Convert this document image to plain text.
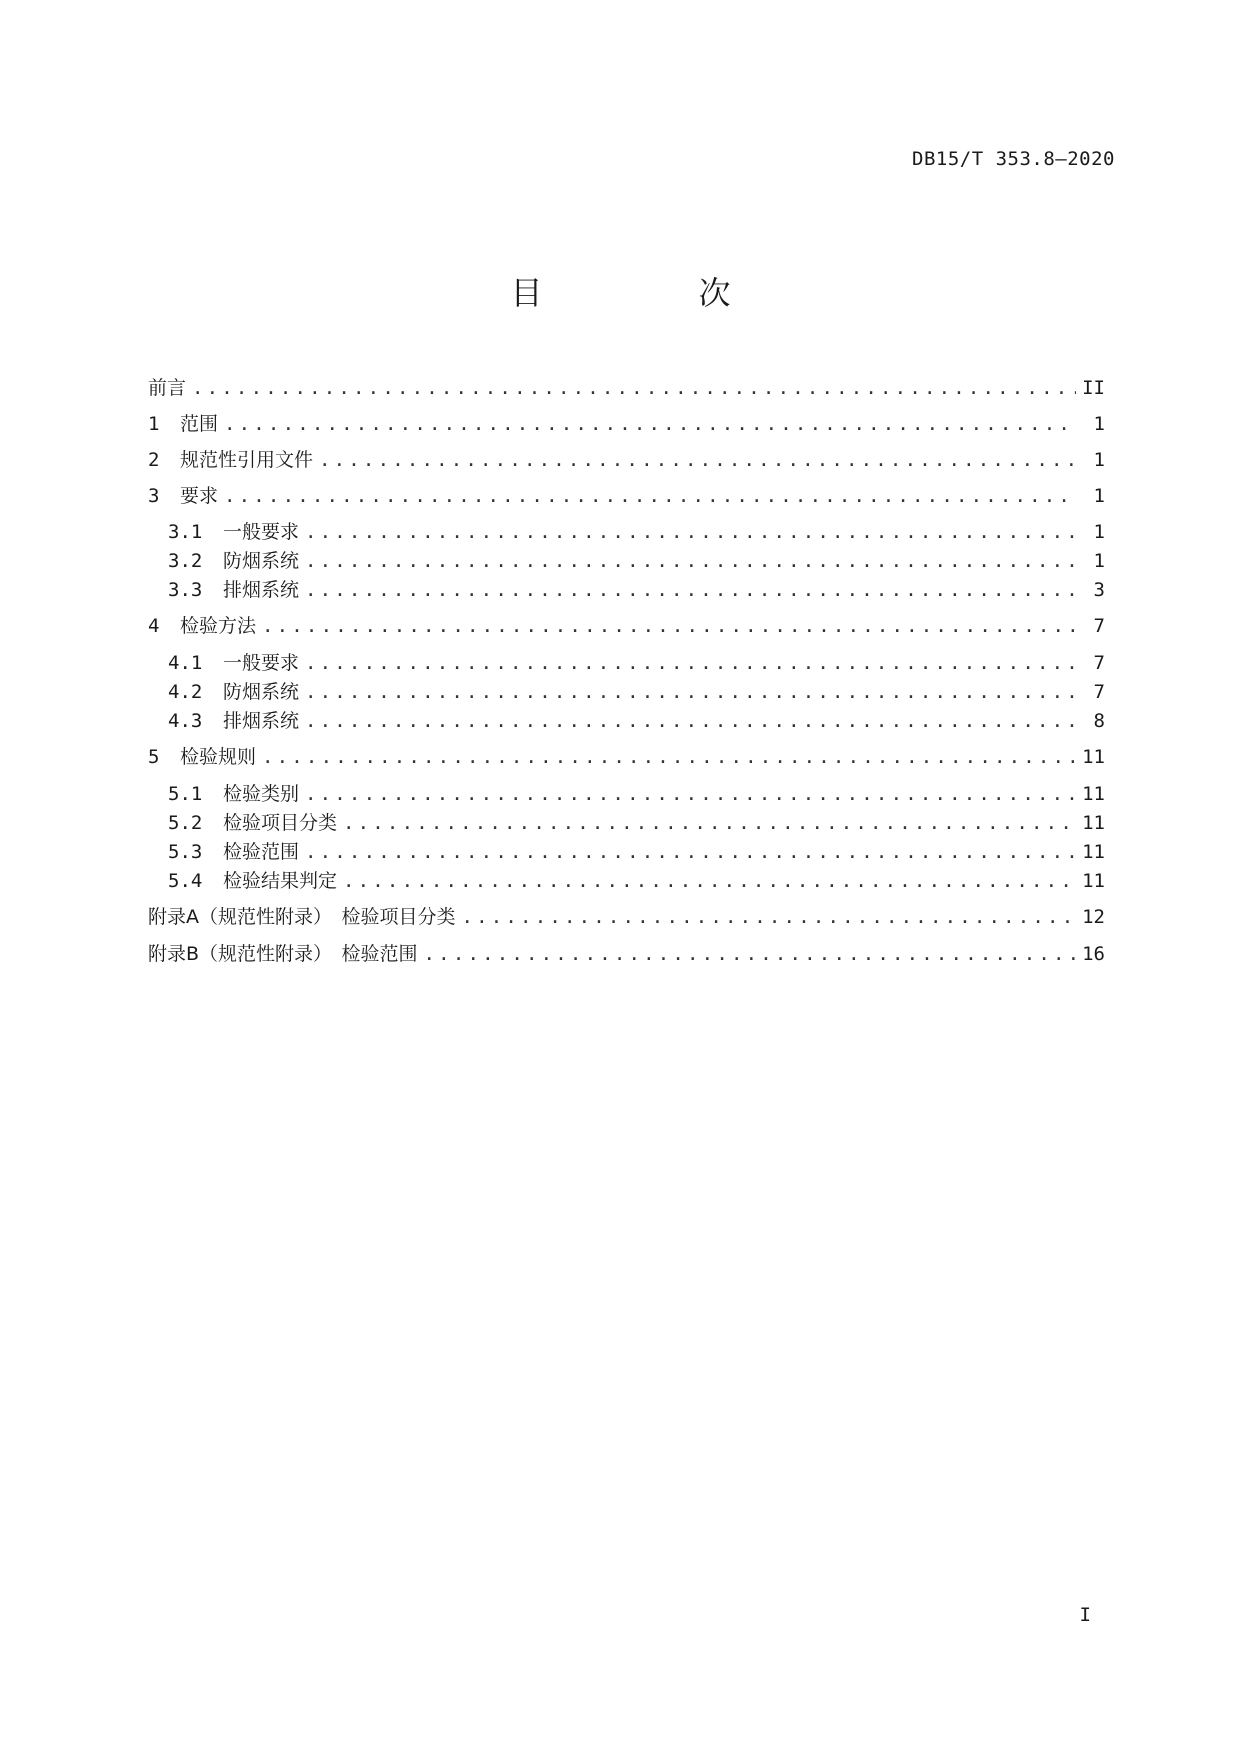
DB15/T 353.8—2020
目　次
前言 .....	II
1	范围 .....	1
2	规范性引用文件 .....	1
3	要求 .....	1
3.1	一般要求 .....	1
3.2	防烟系统 .....	1
3.3	排烟系统 .....	3
4	检验方法 .....	7
4.1	一般要求 .....	7
4.2	防烟系统 .....	7
4.3	排烟系统 .....	8
5	检验规则 .....	11
5.1	检验类别 .....	11
5.2	检验项目分类 .....	11
5.3	检验范围 .....	11
5.4	检验结果判定 .....	11
附录A（规范性附录）　检验项目分类 .....	12
附录B（规范性附录）　检验范围 .....	16
I
